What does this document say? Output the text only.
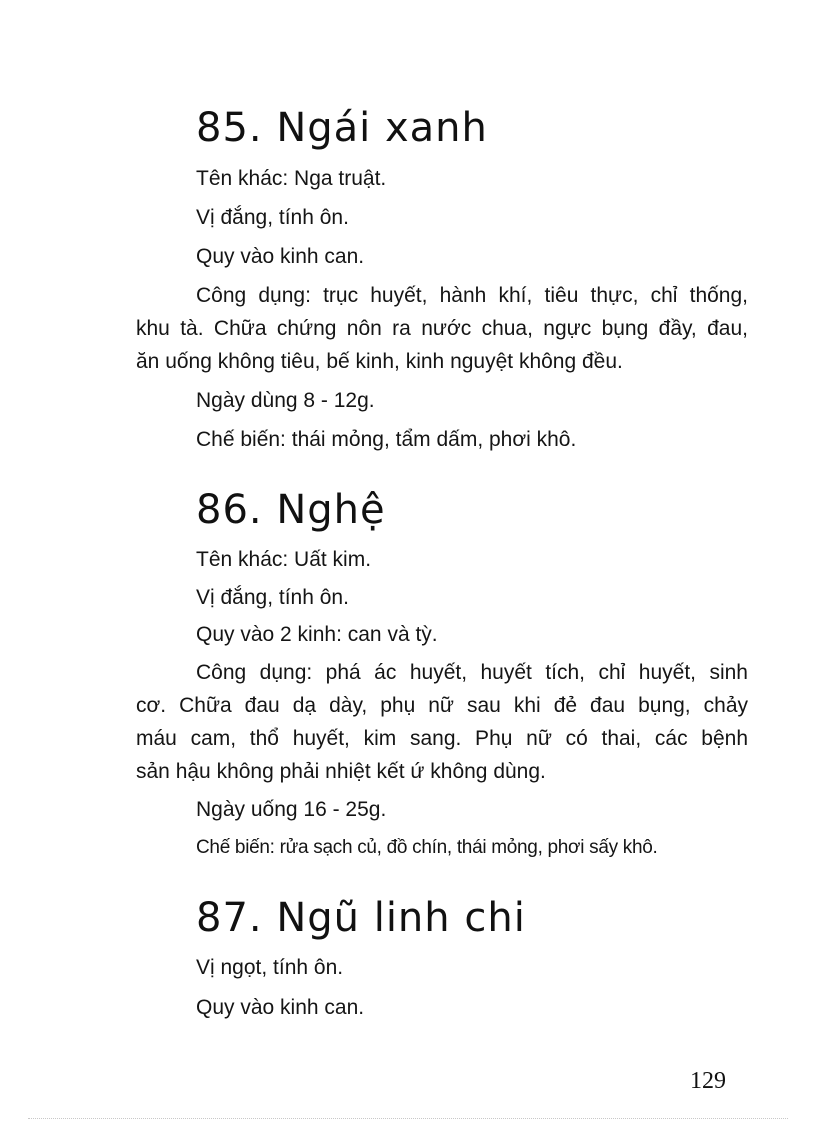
85. Ngái xanh

Tên khác: Nga truật.

Vị đắng, tính ôn.

Quy vào kinh can.

Công dụng: trục huyết, hành khí, tiêu thực, chỉ thống,

khu tà. Chữa chứng nôn ra nước chua, ngực bụng đầy, đau,

ăn uống không tiêu, bế kinh, kinh nguyệt không đều.

Ngày dùng 8 - 12g.

Chế biến: thái mỏng, tẩm dấm, phơi khô.

86. Nghệ

Tên khác: Uất kim.

Vị đắng, tính ôn.

Quy vào 2 kinh: can và tỳ.

Công dụng: phá ác huyết, huyết tích, chỉ huyết, sinh

cơ. Chữa đau dạ dày, phụ nữ sau khi đẻ đau bụng, chảy

máu cam, thổ huyết, kim sang. Phụ nữ có thai, các bệnh

sản hậu không phải nhiệt kết ứ không dùng.

Ngày uống 16 - 25g.

Chế biến: rửa sạch củ, đồ chín, thái mỏng, phơi sấy khô.

87. Ngũ linh chi

Vị ngọt, tính ôn.

Quy vào kinh can.

129
